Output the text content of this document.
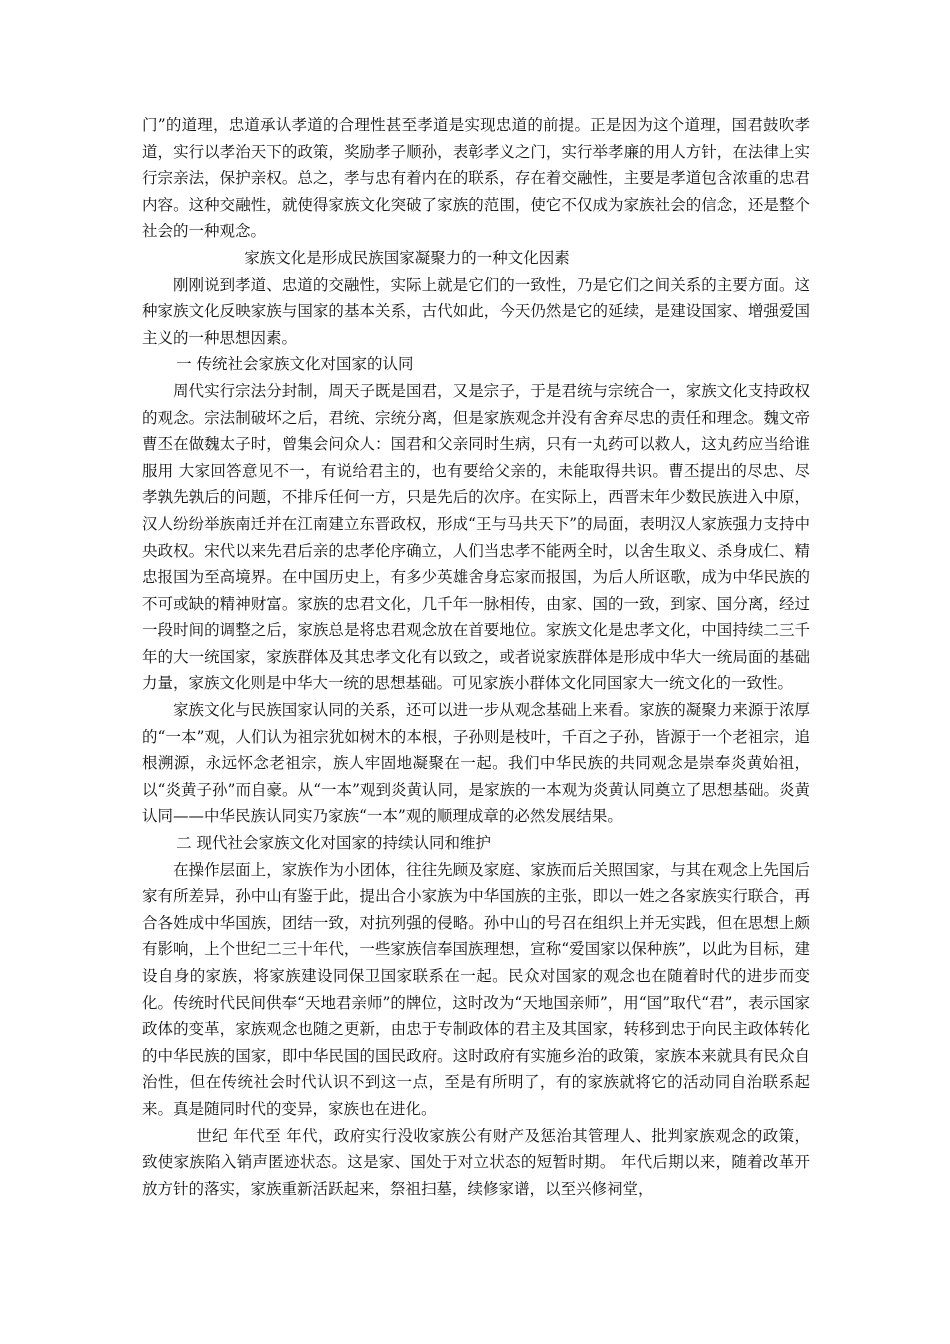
门”的道理，忠道承认孝道的合理性甚至孝道是实现忠道的前提。正是因为这个道理，国君鼓吹孝道，实行以孝治天下的政策，奖励孝子顺孙，表彰孝义之门，实行举孝廉的用人方针，在法律上实行宗亲法，保护亲权。总之，孝与忠有着内在的联系，存在着交融性，主要是孝道包含浓重的忠君内容。这种交融性，就使得家族文化突破了家族的范围，使它不仅成为家族社会的信念，还是整个社会的一种观念。

家族文化是形成民族国家凝聚力的一种文化因素

刚刚说到孝道、忠道的交融性，实际上就是它们的一致性，乃是它们之间关系的主要方面。这种家族文化反映家族与国家的基本关系，古代如此，今天仍然是它的延续，是建设国家、增强爱国主义的一种思想因素。

一 传统社会家族文化对国家的认同

周代实行宗法分封制，周天子既是国君，又是宗子，于是君统与宗统合一，家族文化支持政权的观念。宗法制破坏之后，君统、宗统分离，但是家族观念并没有舍弃尽忠的责任和理念。魏文帝曹丕在做魏太子时，曾集会问众人：国君和父亲同时生病，只有一丸药可以救人，这丸药应当给谁服用 大家回答意见不一，有说给君主的，也有要给父亲的，未能取得共识。曹丕提出的尽忠、尽孝孰先孰后的问题，不排斥任何一方，只是先后的次序。在实际上，西晋末年少数民族进入中原，汉人纷纷举族南迁并在江南建立东晋政权，形成“王与马共天下”的局面，表明汉人家族强力支持中央政权。宋代以来先君后亲的忠孝伦序确立，人们当忠孝不能两全时，以舍生取义、杀身成仁、精忠报国为至高境界。在中国历史上，有多少英雄舍身忘家而报国，为后人所讴歌，成为中华民族的不可或缺的精神财富。家族的忠君文化，几千年一脉相传，由家、国的一致，到家、国分离，经过一段时间的调整之后，家族总是将忠君观念放在首要地位。家族文化是忠孝文化，中国持续二三千年的大一统国家，家族群体及其忠孝文化有以致之，或者说家族群体是形成中华大一统局面的基础力量，家族文化则是中华大一统的思想基础。可见家族小群体文化同国家大一统文化的一致性。

家族文化与民族国家认同的关系，还可以进一步从观念基础上来看。家族的凝聚力来源于浓厚的“一本”观，人们认为祖宗犹如树木的本根，子孙则是枝叶，千百之子孙，皆源于一个老祖宗，追根溯源，永远怀念老祖宗，族人牢固地凝聚在一起。我们中华民族的共同观念是崇奉炎黄始祖，以“炎黄子孙”而自豪。从“一本”观到炎黄认同，是家族的一本观为炎黄认同奠立了思想基础。炎黄认同——中华民族认同实乃家族“一本”观的顺理成章的必然发展结果。

二 现代社会家族文化对国家的持续认同和维护

在操作层面上，家族作为小团体，往往先顾及家庭、家族而后关照国家，与其在观念上先国后家有所差异，孙中山有鉴于此，提出合小家族为中华国族的主张，即以一姓之各家族实行联合，再合各姓成中华国族，团结一致，对抗列强的侵略。孙中山的号召在组织上并无实践，但在思想上颇有影响，上个世纪二三十年代，一些家族信奉国族理想，宣称“爱国家以保种族”，以此为目标，建设自身的家族，将家族建设同保卫国家联系在一起。民众对国家的观念也在随着时代的进步而变化。传统时代民间供奉“天地君亲师”的牌位，这时改为“天地国亲师”，用“国”取代“君”，表示国家政体的变革，家族观念也随之更新，由忠于专制政体的君主及其国家，转移到忠于向民主政体转化的中华民族的国家，即中华民国的国民政府。这时政府有实施乡治的政策，家族本来就具有民众自治性，但在传统社会时代认识不到这一点，至是有所明了，有的家族就将它的活动同自治联系起来。真是随同时代的变异，家族也在进化。

世纪 年代至 年代，政府实行没收家族公有财产及惩治其管理人、批判家族观念的政策，致使家族陷入销声匿迹状态。这是家、国处于对立状态的短暂时期。 年代后期以来，随着改革开放方针的落实，家族重新活跃起来，祭祖扫墓，续修家谱，以至兴修祠堂，
